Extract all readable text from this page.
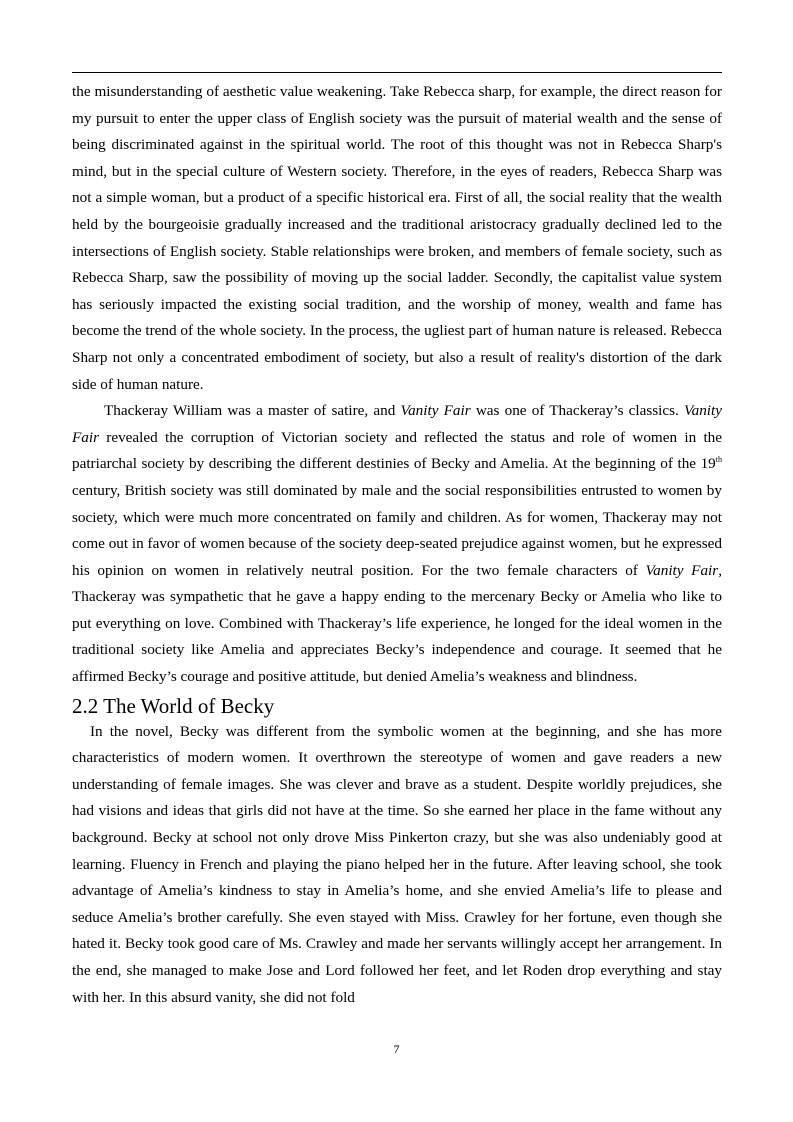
the misunderstanding of aesthetic value weakening. Take Rebecca sharp, for example, the direct reason for my pursuit to enter the upper class of English society was the pursuit of material wealth and the sense of being discriminated against in the spiritual world. The root of this thought was not in Rebecca Sharp's mind, but in the special culture of Western society. Therefore, in the eyes of readers, Rebecca Sharp was not a simple woman, but a product of a specific historical era. First of all, the social reality that the wealth held by the bourgeoisie gradually increased and the traditional aristocracy gradually declined led to the intersections of English society. Stable relationships were broken, and members of female society, such as Rebecca Sharp, saw the possibility of moving up the social ladder. Secondly, the capitalist value system has seriously impacted the existing social tradition, and the worship of money, wealth and fame has become the trend of the whole society. In the process, the ugliest part of human nature is released. Rebecca Sharp not only a concentrated embodiment of society, but also a result of reality's distortion of the dark side of human nature.

Thackeray William was a master of satire, and Vanity Fair was one of Thackeray’s classics. Vanity Fair revealed the corruption of Victorian society and reflected the status and role of women in the patriarchal society by describing the different destinies of Becky and Amelia. At the beginning of the 19th century, British society was still dominated by male and the social responsibilities entrusted to women by society, which were much more concentrated on family and children. As for women, Thackeray may not come out in favor of women because of the society deep-seated prejudice against women, but he expressed his opinion on women in relatively neutral position. For the two female characters of Vanity Fair, Thackeray was sympathetic that he gave a happy ending to the mercenary Becky or Amelia who like to put everything on love. Combined with Thackeray’s life experience, he longed for the ideal women in the traditional society like Amelia and appreciates Becky’s independence and courage. It seemed that he affirmed Becky’s courage and positive attitude, but denied Amelia’s weakness and blindness.

2.2 The World of Becky

In the novel, Becky was different from the symbolic women at the beginning, and she has more characteristics of modern women. It overthrown the stereotype of women and gave readers a new understanding of female images. She was clever and brave as a student. Despite worldly prejudices, she had visions and ideas that girls did not have at the time. So she earned her place in the fame without any background. Becky at school not only drove Miss Pinkerton crazy, but she was also undeniably good at learning. Fluency in French and playing the piano helped her in the future. After leaving school, she took advantage of Amelia’s kindness to stay in Amelia’s home, and she envied Amelia’s life to please and seduce Amelia’s brother carefully. She even stayed with Miss. Crawley for her fortune, even though she hated it. Becky took good care of Ms. Crawley and made her servants willingly accept her arrangement. In the end, she managed to make Jose and Lord followed her feet, and let Roden drop everything and stay with her. In this absurd vanity, she did not fold

7
